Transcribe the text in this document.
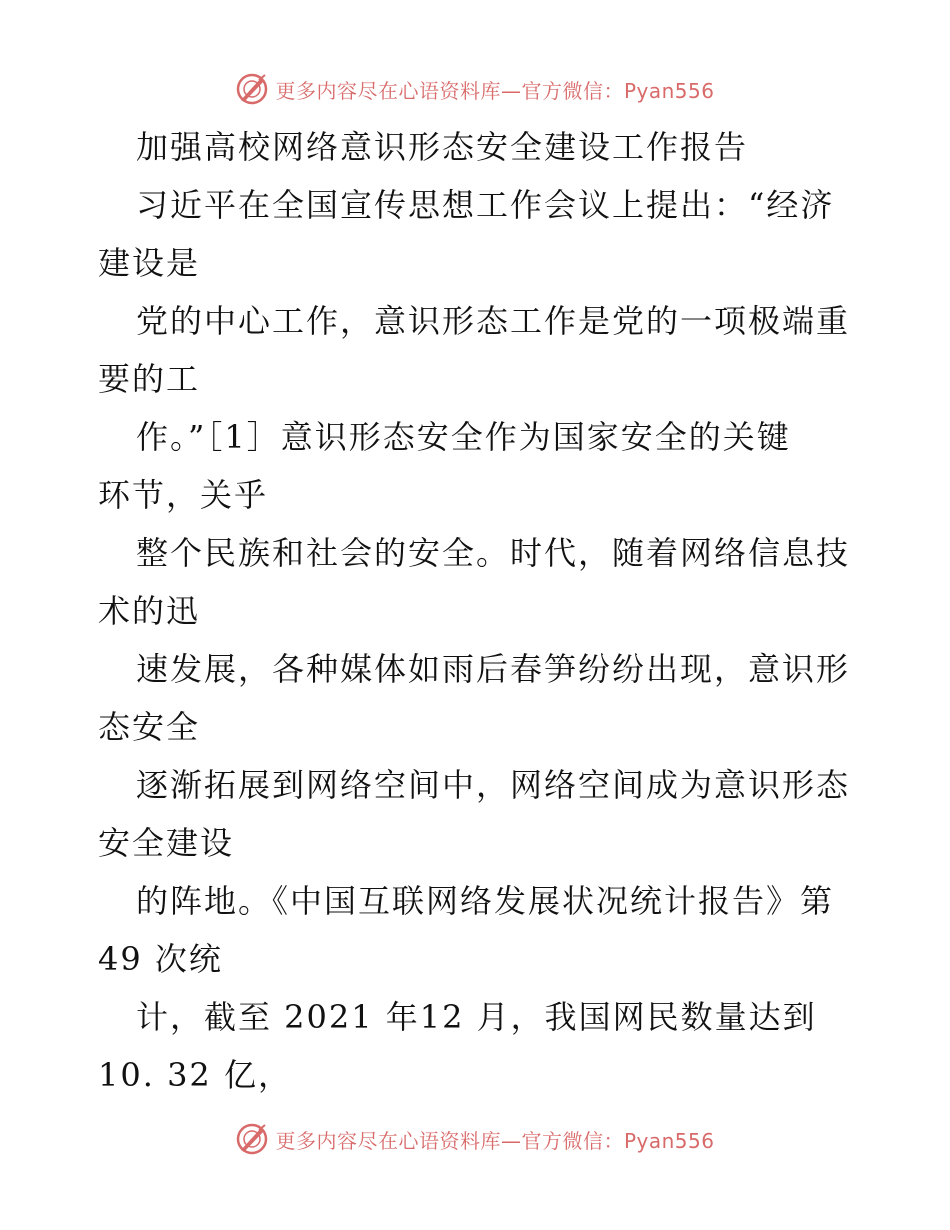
更多内容尽在心语资料库—官方微信：Pyan556
加强高校网络意识形态安全建设工作报告
习近平在全国宣传思想工作会议上提出：“经济
建设是
党的中心工作，意识形态工作是党的一项极端重
要的工
作。”［1］意识形态安全作为国家安全的关键
环节，关乎
整个民族和社会的安全。时代，随着网络信息技
术的迅
速发展，各种媒体如雨后春笋纷纷出现，意识形
态安全
逐渐拓展到网络空间中，网络空间成为意识形态
安全建设
的阵地。《中国互联网络发展状况统计报告》第
49 次统
计，截至 2021 年12 月，我国网民数量达到
10. 32 亿，
更多内容尽在心语资料库—官方微信：Pyan556
